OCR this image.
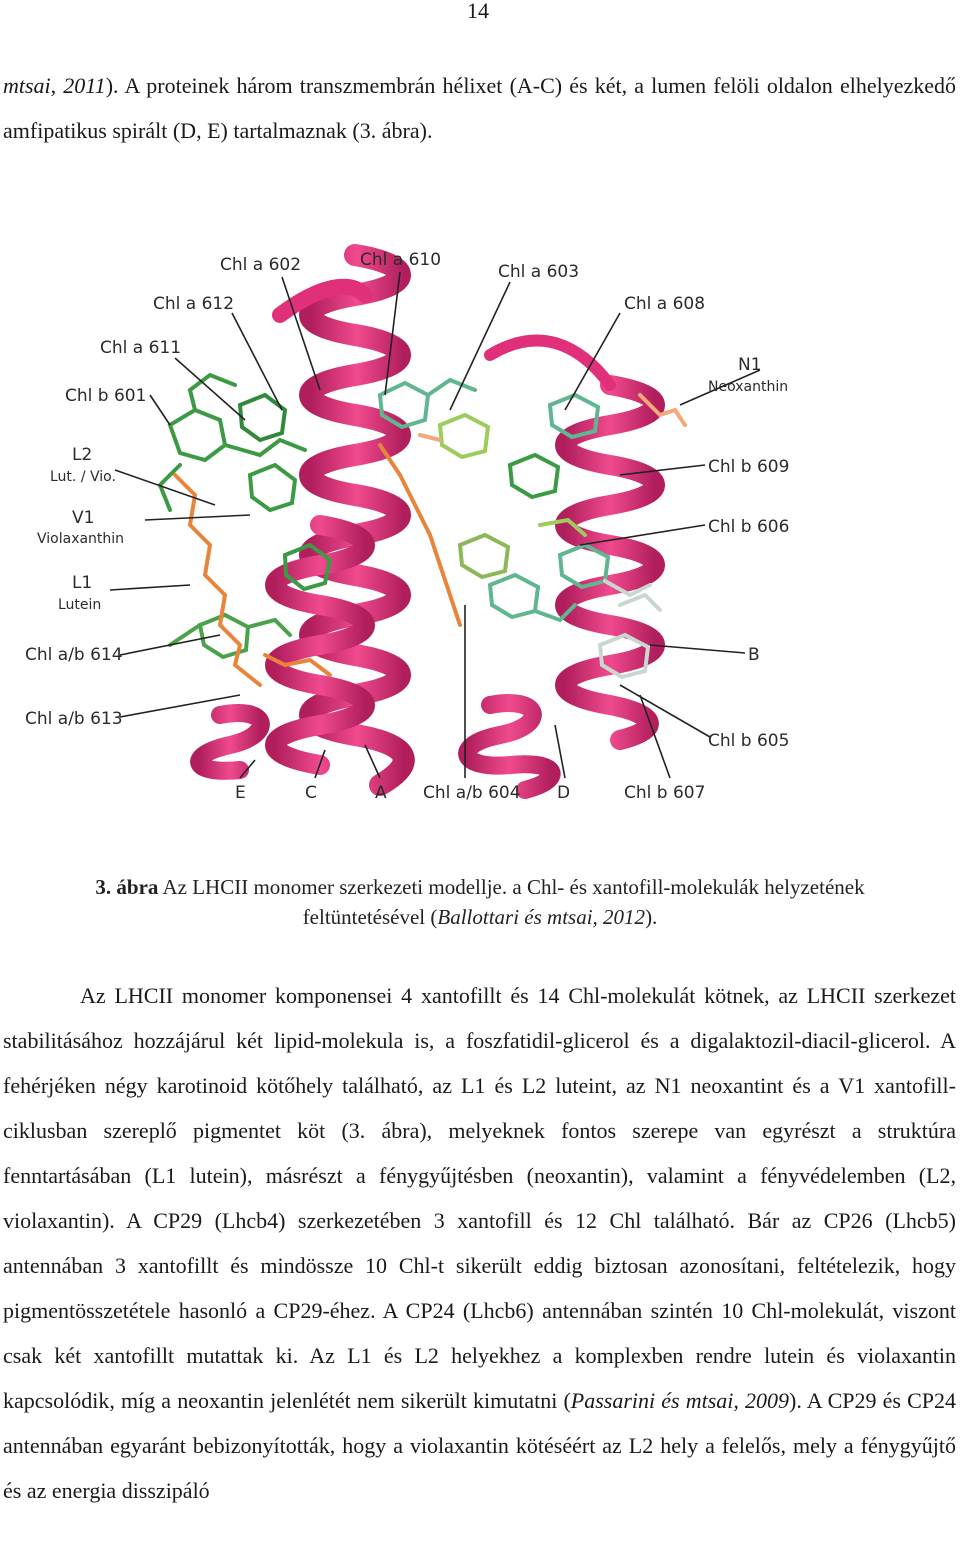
14

mtsai, 2011). A proteinek három transzmembrán hélixet (A-C) és két, a lumen felöli oldalon elhelyezkedő amfipatikus spirált (D, E) tartalmaznak (3. ábra).

Chl a 602	Chl a 610
Chl a 603
Chl a 612	Chl a 608
Chl a 611
N1
Neoxanthin
Chl b 601
L2
Lut. / Vio.	Chl b 609
V1
Violaxanthin
Chl b 606
L1
Lutein
Chl a/b 614	B
Chl a/b 613
Chl b 605
E	C	A Chl a/b 604 D	Chl b 607
3. ábra Az LHCII monomer szerkezeti modellje. a Chl- és xantofill-molekulák helyzetének
feltüntetésével (Ballottari és mtsai, 2012).

Az LHCII monomer komponensei 4 xantofillt és 14 Chl-molekulát kötnek, az LHCII szerkezet stabilitásához hozzájárul két lipid-molekula is, a foszfatidil-glicerol és a digalaktozil-diacil-glicerol. A fehérjéken négy karotinoid kötőhely található, az L1 és L2 luteint, az N1 neoxantint és a V1 xantofill-ciklusban szereplő pigmentet köt (3. ábra), melyeknek fontos szerepe van egyrészt a struktúra fenntartásában (L1 lutein), másrészt a fénygyűjtésben (neoxantin), valamint a fényvédelemben (L2, violaxantin). A CP29 (Lhcb4) szerkezetében 3 xantofill és 12 Chl található. Bár az CP26 (Lhcb5) antennában 3 xantofillt és mindössze 10 Chl-t sikerült eddig biztosan azonosítani, feltételezik, hogy pigmentösszetétele hasonló a CP29-éhez. A CP24 (Lhcb6) antennában szintén 10 Chl-molekulát, viszont csak két xantofillt mutattak ki. Az L1 és L2 helyekhez a komplexben rendre lutein és violaxantin kapcsolódik, míg a neoxantin jelenlétét nem sikerült kimutatni (Passarini és mtsai, 2009). A CP29 és CP24 antennában egyaránt bebizonyították, hogy a violaxantin kötéséért az L2 hely a felelős, mely a fénygyűjtő és az energia disszipáló
